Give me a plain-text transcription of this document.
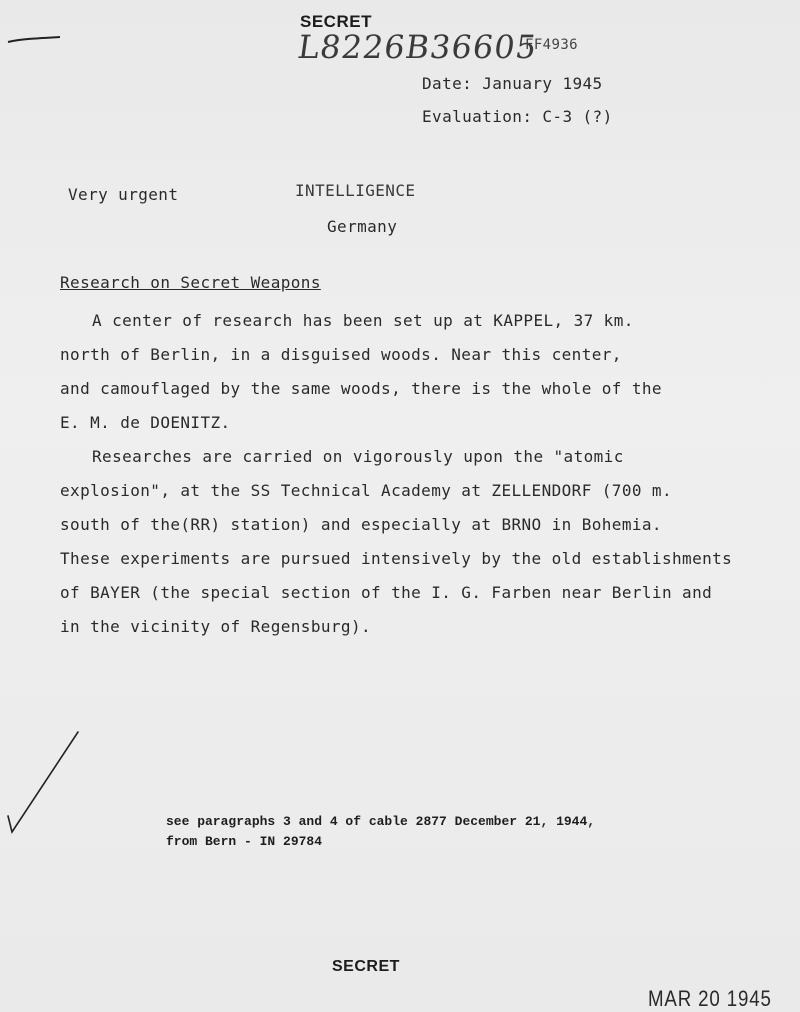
SECRET
L8226B36605
FF4936
Date: January 1945
Evaluation: C-3 (?)
Very urgent	INTELLIGENCE
Germany
Research on Secret Weapons

A center of research has been set up at KAPPEL, 37 km.
north of Berlin, in a disguised woods. Near this center,
and camouflaged by the same woods, there is the whole of the
E. M. de DOENITZ.

Researches are carried on vigorously upon the "atomic
explosion", at the SS Technical Academy at ZELLENDORF (700 m.
south of the(RR) station) and especially at BRNO in Bohemia.
These experiments are pursued intensively by the old establishments
of BAYER (the special section of the I. G. Farben near Berlin and
in the vicinity of Regensburg).

see paragraphs 3 and 4 of cable 2877 December 21, 1944,
from Bern - IN 29784
SECRET
MAR 20 1945
